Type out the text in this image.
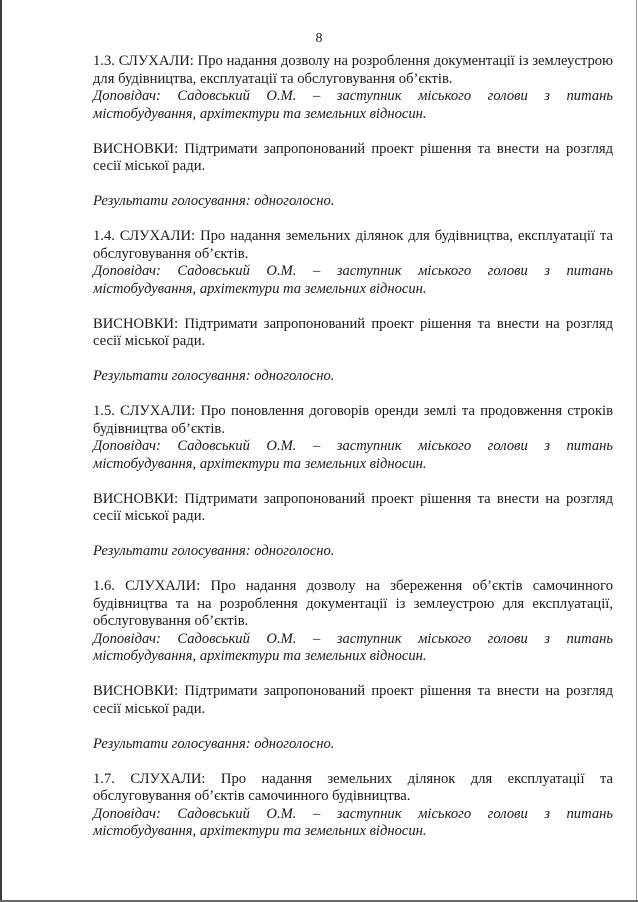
8

1.3. СЛУХАЛИ: Про надання дозволу на розроблення документації із землеустрою для будівництва, експлуатації та обслуговування об’єктів.

Доповідач: Садовський О.М. – заступник міського голови з питань містобудування, архітектури та земельних відносин.

ВИСНОВКИ: Підтримати запропонований проект рішення та внести на розгляд сесії міської ради.

Результати голосування: одноголосно.

1.4. СЛУХАЛИ: Про надання земельних ділянок для будівництва, експлуатації та обслуговування об’єктів.

Доповідач: Садовський О.М. – заступник міського голови з питань містобудування, архітектури та земельних відносин.

ВИСНОВКИ: Підтримати запропонований проект рішення та внести на розгляд сесії міської ради.

Результати голосування: одноголосно.

1.5. СЛУХАЛИ: Про поновлення договорів оренди землі та продовження строків будівництва об’єктів.

Доповідач: Садовський О.М. – заступник міського голови з питань містобудування, архітектури та земельних відносин.

ВИСНОВКИ: Підтримати запропонований проект рішення та внести на розгляд сесії міської ради.

Результати голосування: одноголосно.

1.6. СЛУХАЛИ: Про надання дозволу на збереження об’єктів самочинного будівництва та на розроблення документації із землеустрою для експлуатації, обслуговування об’єктів.

Доповідач: Садовський О.М. – заступник міського голови з питань містобудування, архітектури та земельних відносин.

ВИСНОВКИ: Підтримати запропонований проект рішення та внести на розгляд сесії міської ради.

Результати голосування: одноголосно.

1.7. СЛУХАЛИ: Про надання земельних ділянок для експлуатації та обслуговування об’єктів самочинного будівництва.

Доповідач: Садовський О.М. – заступник міського голови з питань містобудування, архітектури та земельних відносин.
